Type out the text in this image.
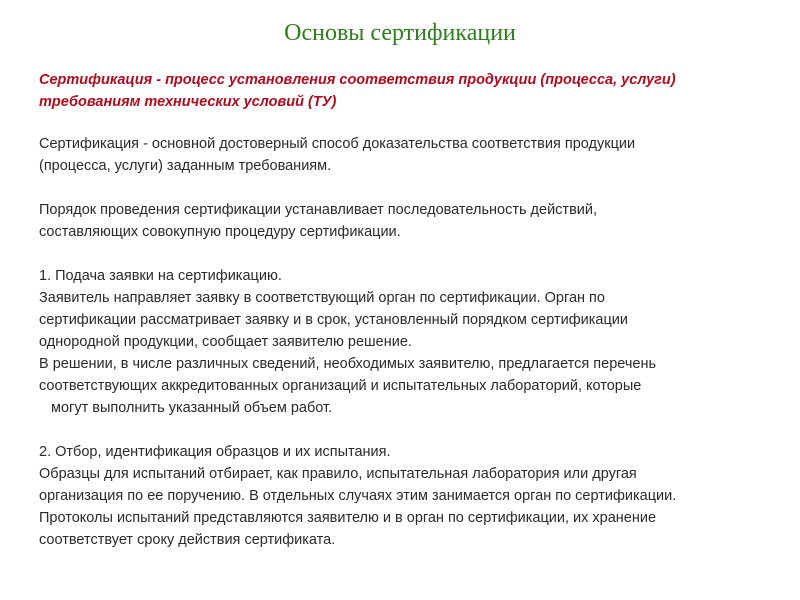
Основы сертификации

Сертификация - процесс установления соответствия продукции (процесса, услуги)
требованиям технических условий (ТУ)

Сертификация - основной достоверный способ доказательства соответствия продукции
(процесса, услуги) заданным требованиям.

Порядок проведения сертификации устанавливает последовательность действий,
составляющих совокупную процедуру сертификации.

1. Подача заявки на сертификацию.
Заявитель направляет заявку в соответствующий орган по сертификации. Орган по
сертификации рассматривает заявку и в срок, установленный порядком сертификации
однородной продукции, сообщает заявителю решение.
В решении, в числе различных сведений, необходимых заявителю, предлагается перечень
соответствующих аккредитованных организаций и испытательных лабораторий, которые
могут выполнить указанный объем работ.
2. Отбор, идентификация образцов и их испытания.
Образцы для испытаний отбирает, как правило, испытательная лаборатория или другая
организация по ее поручению. В отдельных случаях этим занимается орган по сертификации.
Протоколы испытаний представляются заявителю и в орган по сертификации, их хранение
соответствует сроку действия сертификата.
